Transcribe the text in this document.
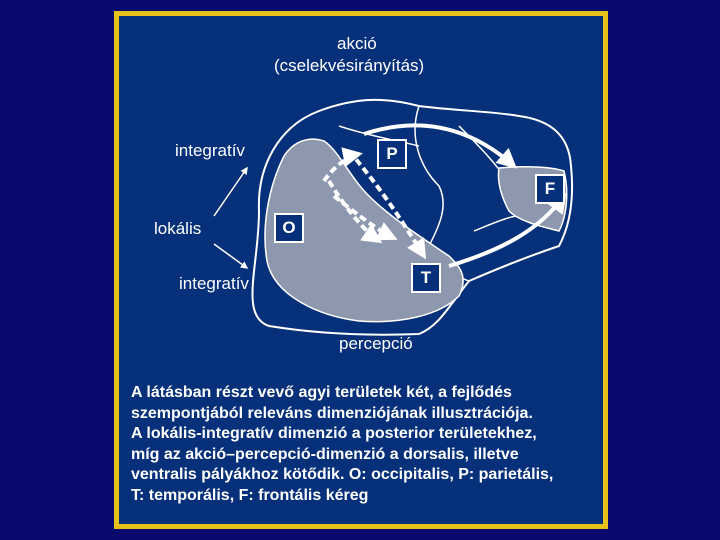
akció
(cselekvésirányítás)
integratív
lokális
integratív
percepció
P
O
T
F
A látásban részt vevő agyi területek két, a fejlődés
szempontjából releváns dimenziójának illusztrációja.
A lokális-integratív dimenzió a posterior területekhez,
míg az akció–percepció-dimenzió a dorsalis, illetve
ventralis pályákhoz kötődik. O: occipitalis, P: parietális,
T: temporális, F: frontális kéreg
